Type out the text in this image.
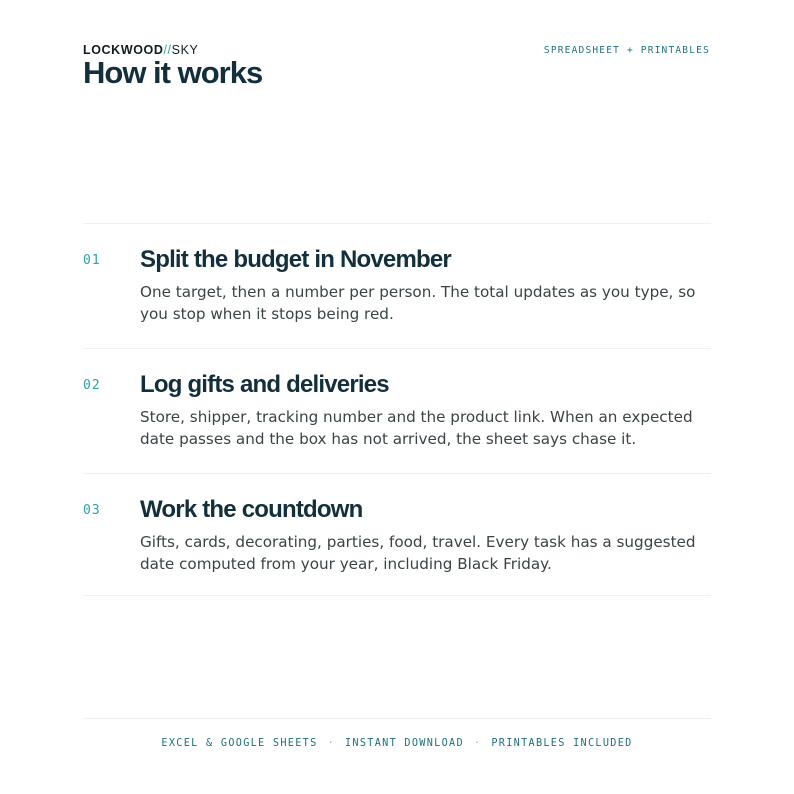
LOCKWOOD//SKY	SPREADSHEET + PRINTABLES
How it works
01 Split the budget in November

One target, then a number per person. The total updates as you type, so you stop when it stops being red.

02 Log gifts and deliveries

Store, shipper, tracking number and the product link. When an expected date passes and the box has not arrived, the sheet says chase it.

03 Work the countdown

Gifts, cards, decorating, parties, food, travel. Every task has a suggested date computed from your year, including Black Friday.

EXCEL & GOOGLE SHEETS · INSTANT DOWNLOAD · PRINTABLES INCLUDED
